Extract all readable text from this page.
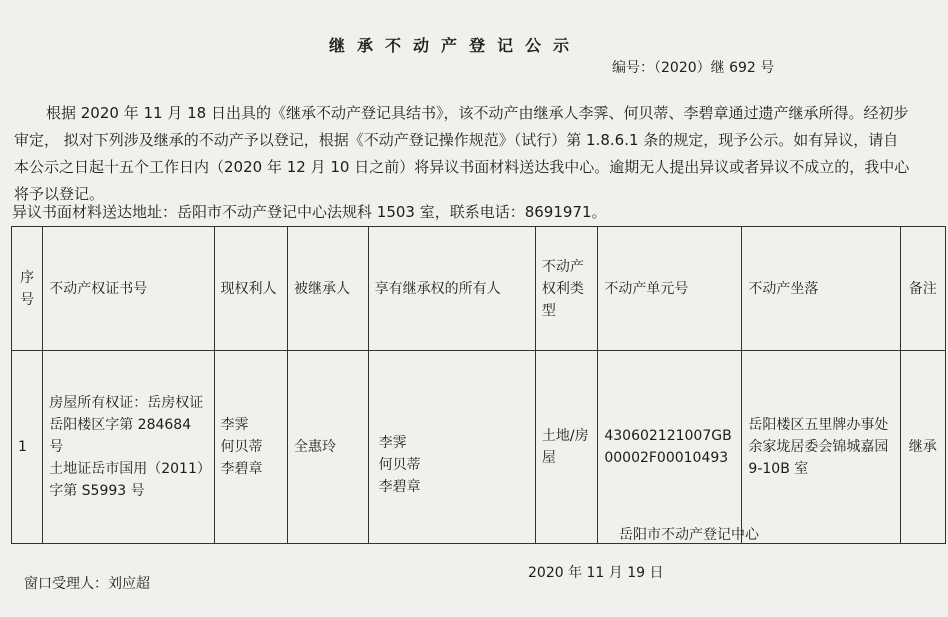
继承不动产登记公示
编号：（2020）继 692 号
根据 2020 年 11 月 18 日出具的《继承不动产登记具结书》，该不动产由继承人李霁、何贝蒂、李碧章通过遗产继承所得。经初步审定， 拟对下列涉及继承的不动产予以登记，根据《不动产登记操作规范》（试行）第 1.8.6.1 条的规定，现予公示。如有异议，请自本公示之日起十五个工作日内（2020 年 12 月 10 日之前）将异议书面材料送达我中心。逾期无人提出异议或者异议不成立的，我中心将予以登记。
异议书面材料送达地址：岳阳市不动产登记中心法规科 1503 室，联系电话：8691971。
序号	不动产权证书号	现权利人	被继承人	享有继承权的所有人	不动产权利类型	不动产单元号	不动产坐落	备注
1	房屋所有权证：岳房权证岳阳楼区字第 284684 号
土地证岳市国用（2011）字第 S5993 号	李霁
何贝蒂
李碧章	全惠玲	李霁
何贝蒂
李碧章	土地/房屋	430602121007GB00002F00010493	岳阳楼区五里牌办事处余家垅居委会锦城嘉园 9-10B 室	继承
岳阳市不动产登记中心
2020 年 11 月 19 日
窗口受理人：刘应超
